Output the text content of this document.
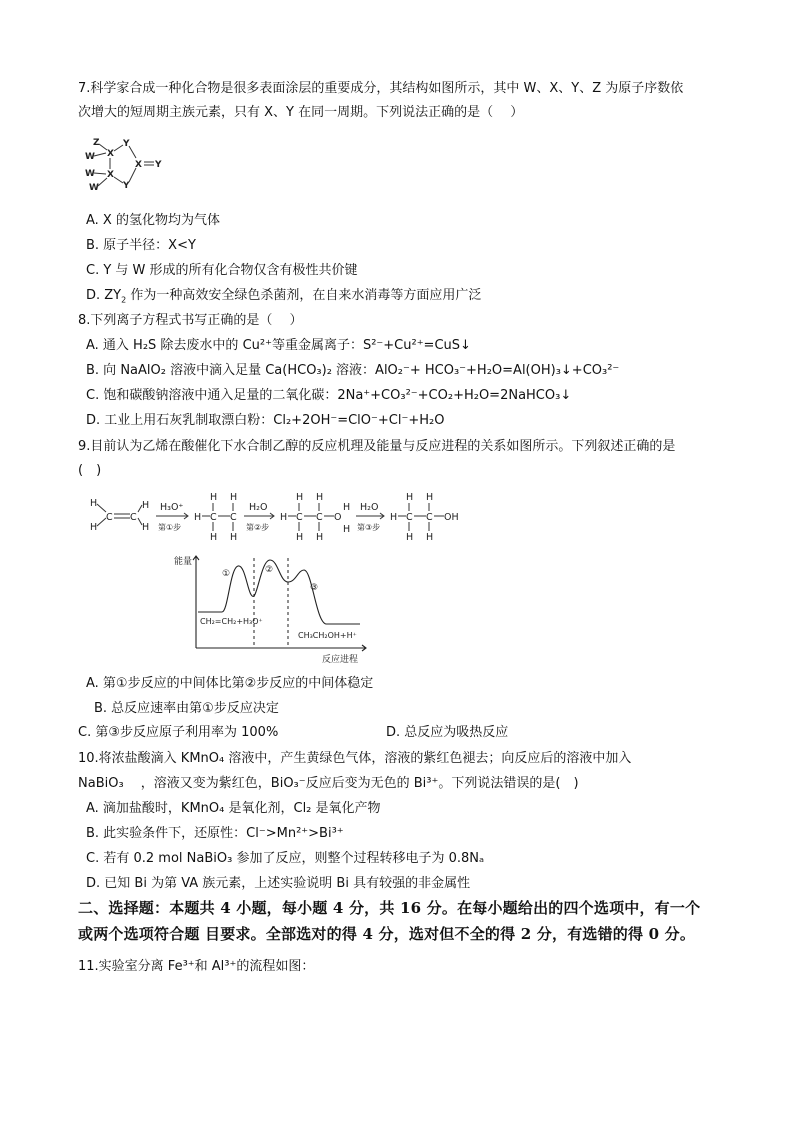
7.科学家合成一种化合物是很多表面涂层的重要成分，其结构如图所示，其中 W、X、Y、Z 为原子序数依
次增大的短周期主族元素，只有 X、Y 在同一周期。下列说法正确的是（　 ）
Z
W
W
W
X
X
Y
Y
X Y
A. X 的氢化物均为气体
B. 原子半径：X<Y
C. Y 与 W 形成的所有化合物仅含有极性共价键
D. $ZY_2$ 作为一种高效安全绿色杀菌剂，在自来水消毒等方面应用广泛
8.下列离子方程式书写正确的是（　 ）
A. 通入 H₂S 除去废水中的 Cu²⁺等重金属离子：S²⁻+Cu²⁺=CuS↓
B. 向 NaAlO₂ 溶液中滴入足量 Ca(HCO₃)₂ 溶液：AlO₂⁻+ HCO₃⁻+H₂O=Al(OH)₃↓+CO₃²⁻
C. 饱和碳酸钠溶液中通入足量的二氧化碳：2Na⁺+CO₃²⁻+CO₂+H₂O=2NaHCO₃↓
D. 工业上用石灰乳制取漂白粉：Cl₂+2OH⁻=ClO⁻+Cl⁻+H₂O
9.目前认为乙烯在酸催化下水合制乙醇的反应机理及能量与反应进程的关系如图所示。下列叙述正确的是
(　)
H
H
C C
H
H
H₃O⁺
第①步
H C
H
H
C
H
H
H₂O
第②步
H C
H
H
C
H
H
O
H
H
H₂O
第③步
H C
H
H
C
H
H
OH
能量
反应进程
CH₂=CH₂+H₃O⁺
CH₃CH₂OH+H⁺
①	②
③
A. 第①步反应的中间体比第②步反应的中间体稳定
B. 总反应速率由第①步反应决定
C. 第③步反应原子利用率为 100%	D. 总反应为吸热反应
10.将浓盐酸滴入 KMnO₄ 溶液中，产生黄绿色气体，溶液的紫红色褪去；向反应后的溶液中加入
NaBiO₃　 ，溶液又变为紫红色，BiO₃⁻反应后变为无色的 Bi³⁺。下列说法错误的是(　)
A. 滴加盐酸时，KMnO₄ 是氧化剂，Cl₂ 是氧化产物
B. 此实验条件下，还原性：Cl⁻>Mn²⁺>Bi³⁺
C. 若有 0.2 mol NaBiO₃ 参加了反应，则整个过程转移电子为 0.8Nₐ
D. 已知 Bi 为第 VA 族元素，上述实验说明 Bi 具有较强的非金属性
二、选择题：本题共 4 小题，每小题 4 分，共 16 分。在每小题给出的四个选项中，有一个
或两个选项符合题 目要求。全部选对的得 4 分，选对但不全的得 2 分，有选错的得 0 分。
11.实验室分离 Fe³⁺和 Al³⁺的流程如图：
